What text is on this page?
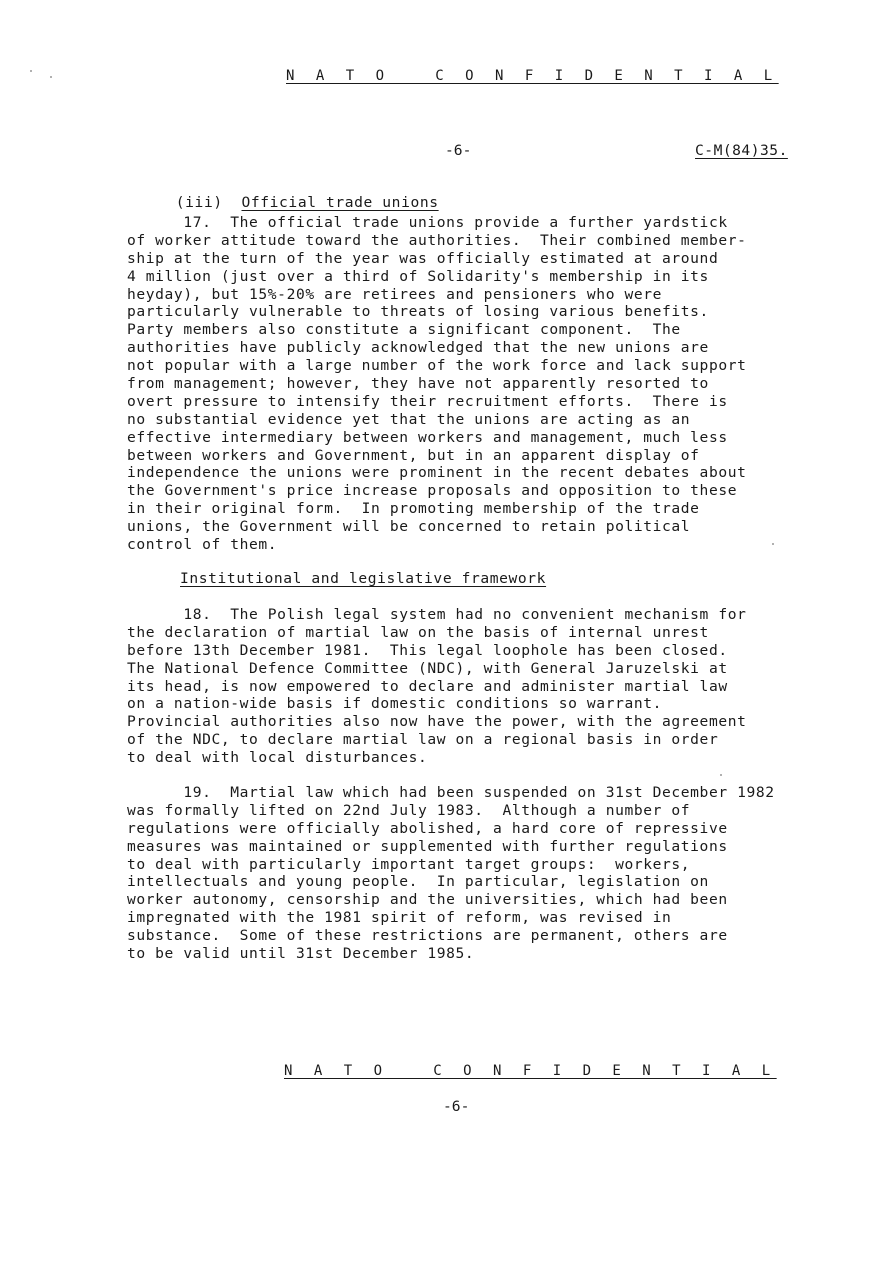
N A T O   C O N F I D E N T I A L
-6-	C-M(84)35.

(iii) Official trade unions

17.  The official trade unions provide a further yardstick
of worker attitude toward the authorities.  Their combined member-
ship at the turn of the year was officially estimated at around
4 million (just over a third of Solidarity's membership in its
heyday), but 15%-20% are retirees and pensioners who were
particularly vulnerable to threats of losing various benefits.
Party members also constitute a significant component.  The
authorities have publicly acknowledged that the new unions are
not popular with a large number of the work force and lack support
from management; however, they have not apparently resorted to
overt pressure to intensify their recruitment efforts.  There is
no substantial evidence yet that the unions are acting as an
effective intermediary between workers and management, much less
between workers and Government, but in an apparent display of
independence the unions were prominent in the recent debates about
the Government's price increase proposals and opposition to these
in their original form.  In promoting membership of the trade
unions, the Government will be concerned to retain political
control of them.
Institutional and legislative framework
18.  The Polish legal system had no convenient mechanism for
the declaration of martial law on the basis of internal unrest
before 13th December 1981.  This legal loophole has been closed.
The National Defence Committee (NDC), with General Jaruzelski at
its head, is now empowered to declare and administer martial law
on a nation-wide basis if domestic conditions so warrant.
Provincial authorities also now have the power, with the agreement
of the NDC, to declare martial law on a regional basis in order
to deal with local disturbances.
19.  Martial law which had been suspended on 31st December 1982
was formally lifted on 22nd July 1983.  Although a number of
regulations were officially abolished, a hard core of repressive
measures was maintained or supplemented with further regulations
to deal with particularly important target groups:  workers,
intellectuals and young people.  In particular, legislation on
worker autonomy, censorship and the universities, which had been
impregnated with the 1981 spirit of reform, was revised in
substance.  Some of these restrictions are permanent, others are
to be valid until 31st December 1985.
N A T O   C O N F I D E N T I A L
-6-
